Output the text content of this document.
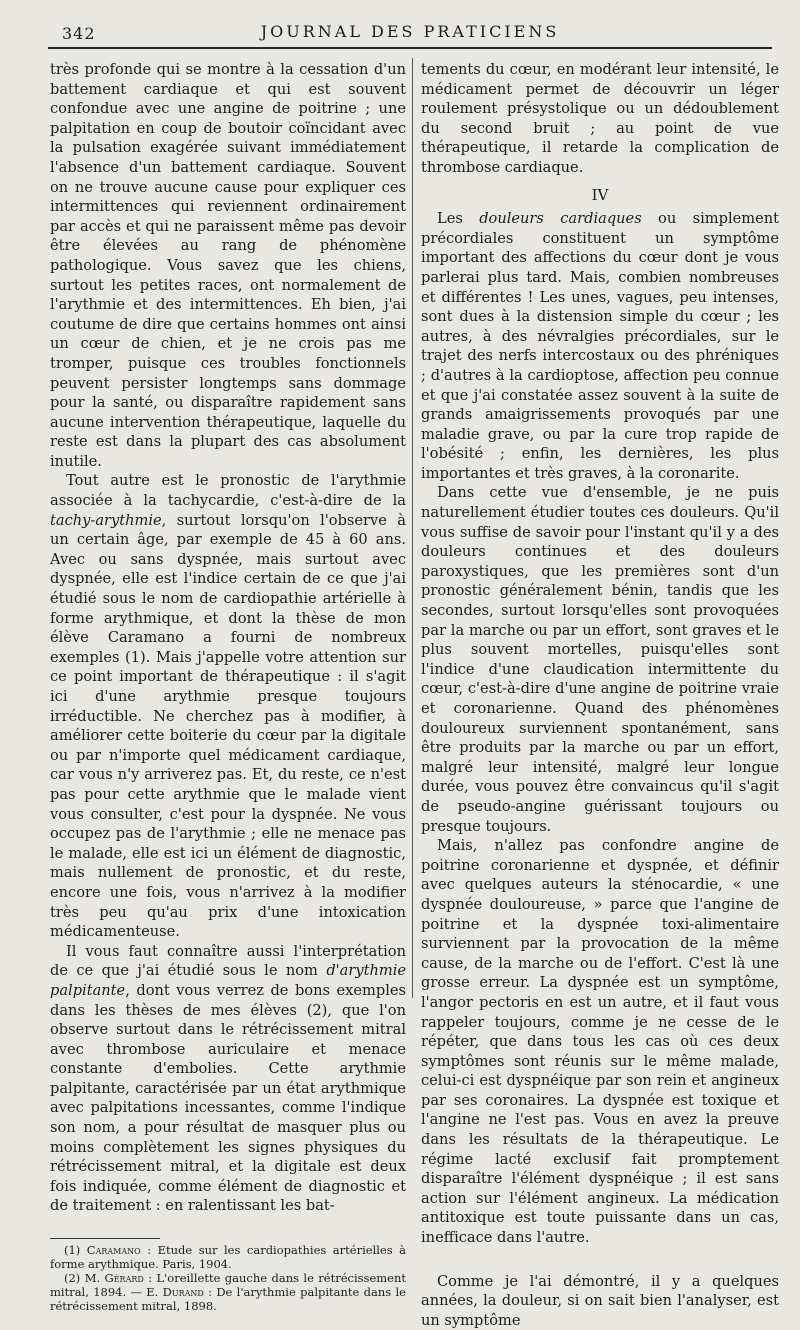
342	JOURNAL DES PRATICIENS

très profonde qui se montre à la cessation d'un battement cardiaque et qui est souvent confondue avec une angine de poitrine ; une palpitation en coup de boutoir coïncidant avec la pulsation exagérée suivant immédiatement l'absence d'un battement cardiaque. Souvent on ne trouve aucune cause pour expliquer ces intermittences qui reviennent ordinairement par accès et qui ne paraissent même pas devoir être élevées au rang de phénomène pathologique. Vous savez que les chiens, surtout les petites races, ont normalement de l'arythmie et des intermittences. Eh bien, j'ai coutume de dire que certains hommes ont ainsi un cœur de chien, et je ne crois pas me tromper, puisque ces troubles fonctionnels peuvent persister longtemps sans dommage pour la santé, ou disparaître rapidement sans aucune intervention thérapeutique, laquelle du reste est dans la plupart des cas absolument inutile.

Tout autre est le pronostic de l'arythmie associée à la tachycardie, c'est-à-dire de la tachy-arythmie, surtout lorsqu'on l'observe à un certain âge, par exemple de 45 à 60 ans. Avec ou sans dyspnée, mais surtout avec dyspnée, elle est l'indice certain de ce que j'ai étudié sous le nom de cardiopathie artérielle à forme arythmique, et dont la thèse de mon élève Caramano a fourni de nombreux exemples (1). Mais j'appelle votre attention sur ce point important de thérapeutique : il s'agit ici d'une arythmie presque toujours irréductible. Ne cherchez pas à modifier, à améliorer cette boiterie du cœur par la digitale ou par n'importe quel médicament cardiaque, car vous n'y arriverez pas. Et, du reste, ce n'est pas pour cette arythmie que le malade vient vous consulter, c'est pour la dyspnée. Ne vous occupez pas de l'arythmie ; elle ne menace pas le malade, elle est ici un élément de diagnostic, mais nullement de pronostic, et du reste, encore une fois, vous n'arrivez à la modifier très peu qu'au prix d'une intoxication médicamenteuse.

Il vous faut connaître aussi l'interprétation de ce que j'ai étudié sous le nom d'arythmie palpitante, dont vous verrez de bons exemples dans les thèses de mes élèves (2), que l'on observe surtout dans le rétrécissement mitral avec thrombose auriculaire et menace constante d'embolies. Cette arythmie palpitante, caractérisée par un état arythmique avec palpitations incessantes, comme l'indique son nom, a pour résultat de masquer plus ou moins complètement les signes physiques du rétrécissement mitral, et la digitale est deux fois indiquée, comme élément de diagnostic et de traitement : en ralentissant les bat-

(1) Caramano : Etude sur les cardiopathies artérielles à forme arythmique. Paris, 1904.

(2) M. Gérard : L'oreillette gauche dans le rétrécissement mitral, 1894. — E. Durand : De l'arythmie palpitante dans le rétrécissement mitral, 1898.

tements du cœur, en modérant leur intensité, le médicament permet de découvrir un léger roulement présystolique ou un dédoublement du second bruit ; au point de vue thérapeutique, il retarde la complication de thrombose cardiaque.

IV

Les douleurs cardiaques ou simplement précordiales constituent un symptôme important des affections du cœur dont je vous parlerai plus tard. Mais, combien nombreuses et différentes ! Les unes, vagues, peu intenses, sont dues à la distension simple du cœur ; les autres, à des névralgies précordiales, sur le trajet des nerfs intercostaux ou des phréniques ; d'autres à la cardioptose, affection peu connue et que j'ai constatée assez souvent à la suite de grands amaigrissements provoqués par une maladie grave, ou par la cure trop rapide de l'obésité ; enfin, les dernières, les plus importantes et très graves, à la coronarite.

Dans cette vue d'ensemble, je ne puis naturellement étudier toutes ces douleurs. Qu'il vous suffise de savoir pour l'instant qu'il y a des douleurs continues et des douleurs paroxystiques, que les premières sont d'un pronostic généralement bénin, tandis que les secondes, surtout lorsqu'elles sont provoquées par la marche ou par un effort, sont graves et le plus souvent mortelles, puisqu'elles sont l'indice d'une claudication intermittente du cœur, c'est-à-dire d'une angine de poitrine vraie et coronarienne. Quand des phénomènes douloureux surviennent spontanément, sans être produits par la marche ou par un effort, malgré leur intensité, malgré leur longue durée, vous pouvez être convaincus qu'il s'agit de pseudo-angine guérissant toujours ou presque toujours.

Mais, n'allez pas confondre angine de poitrine coronarienne et dyspnée, et définir avec quelques auteurs la sténocardie, « une dyspnée douloureuse, » parce que l'angine de poitrine et la dyspnée toxi-alimentaire surviennent par la provocation de la même cause, de la marche ou de l'effort. C'est là une grosse erreur. La dyspnée est un symptôme, l'angor pectoris en est un autre, et il faut vous rappeler toujours, comme je ne cesse de le répéter, que dans tous les cas où ces deux symptômes sont réunis sur le même malade, celui-ci est dyspnéique par son rein et angineux par ses coronaires. La dyspnée est toxique et l'angine ne l'est pas. Vous en avez la preuve dans les résultats de la thérapeutique. Le régime lacté exclusif fait promptement disparaître l'élément dyspnéique ; il est sans action sur l'élément angineux. La médication antitoxique est toute puissante dans un cas, inefficace dans l'autre.

Comme je l'ai démontré, il y a quelques années, la douleur, si on sait bien l'analyser, est un symptôme
